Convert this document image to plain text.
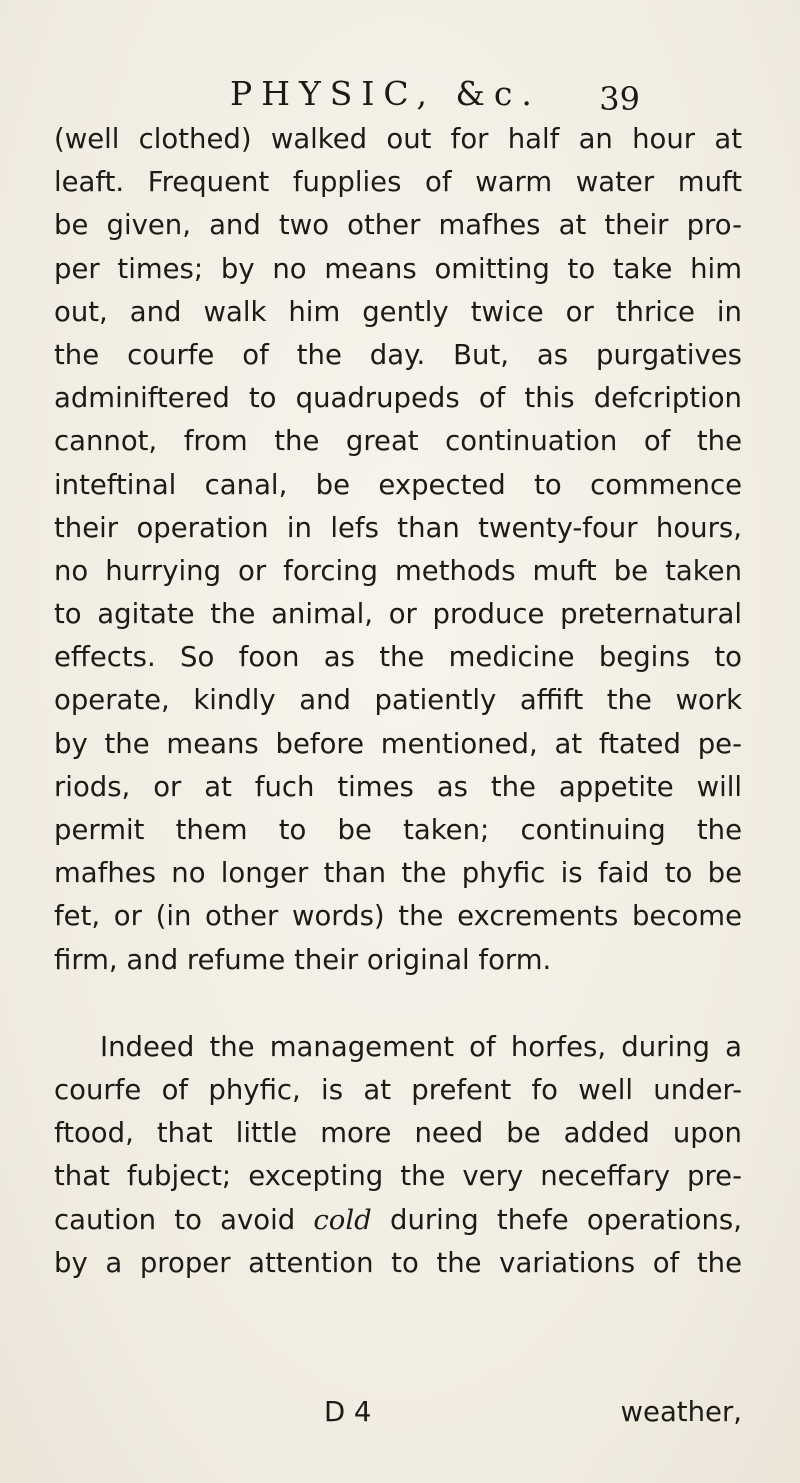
PHYSIC, &c. 39
(well clothed) walked out for half an hour at
leaft. Frequent fupplies of warm water muft
be given, and two other mafhes at their pro-
per times; by no means omitting to take him
out, and walk him gently twice or thrice in
the courfe of the day. But, as purgatives
adminiftered to quadrupeds of this defcription
cannot, from the great continuation of the
inteftinal canal, be expected to commence
their operation in lefs than twenty-four hours,
no hurrying or forcing methods muft be taken
to agitate the animal, or produce preternatural
effects. So foon as the medicine begins to
operate, kindly and patiently affift the work
by the means before mentioned, at ftated pe-
riods, or at fuch times as the appetite will
permit them to be taken; continuing the
mafhes no longer than the phyfic is faid to be
fet, or (in other words) the excrements become
firm, and refume their original form.
Indeed the management of horfes, during a
courfe of phyfic, is at prefent fo well under-
ftood, that little more need be added upon
that fubject; excepting the very neceffary pre-
caution to avoid cold during thefe operations,
by a proper attention to the variations of the
D 4	weather,
